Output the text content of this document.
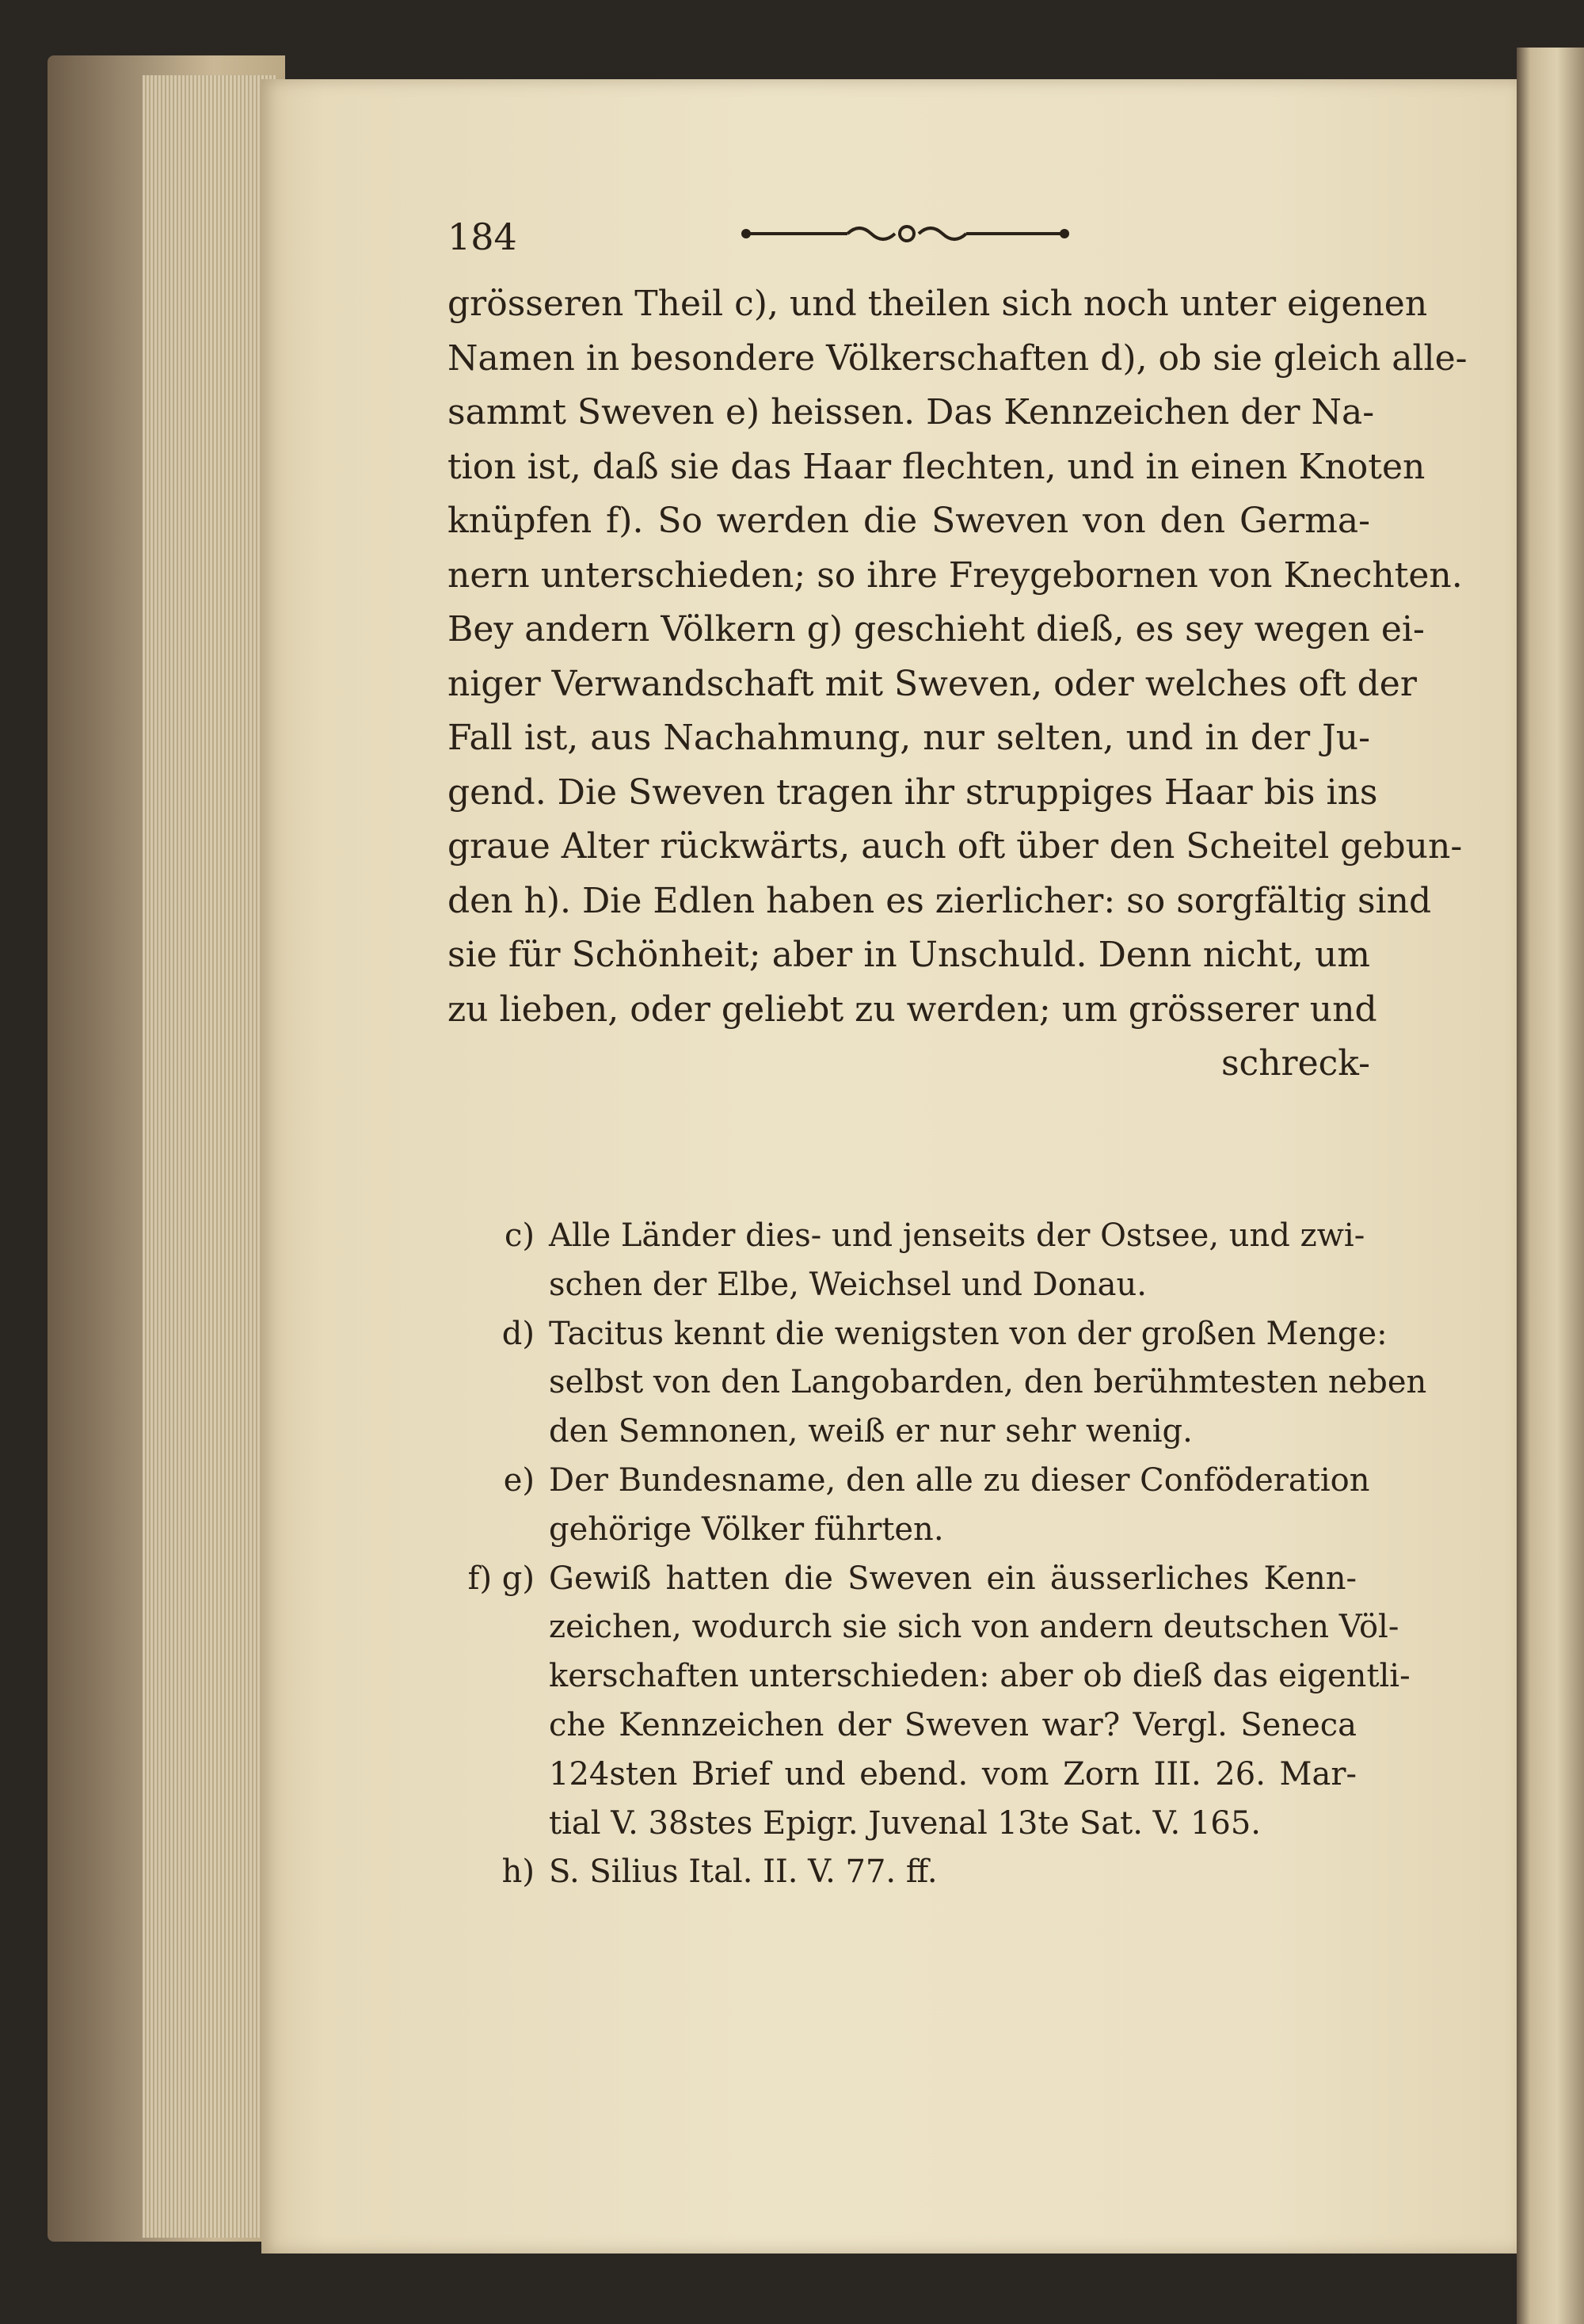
184
grösseren Theil c), und theilen sich noch unter eigenen
Namen in besondere Völkerschaften d), ob sie gleich alle-
sammt Sweven e) heissen. Das Kennzeichen der Na-
tion ist, daß sie das Haar flechten, und in einen Knoten
knüpfen f). So werden die Sweven von den Germa-
nern unterschieden; so ihre Freygebornen von Knechten.
Bey andern Völkern g) geschieht dieß, es sey wegen ei-
niger Verwandschaft mit Sweven, oder welches oft der
Fall ist, aus Nachahmung, nur selten, und in der Ju-
gend. Die Sweven tragen ihr struppiges Haar bis ins
graue Alter rückwärts, auch oft über den Scheitel gebun-
den h). Die Edlen haben es zierlicher: so sorgfältig sind
sie für Schönheit; aber in Unschuld. Denn nicht, um
zu lieben, oder geliebt zu werden; um grösserer und
schreck-
c) Alle Länder dies- und jenseits der Ostsee, und zwi-
schen der Elbe, Weichsel und Donau.
d) Tacitus kennt die wenigsten von der großen Menge:
selbst von den Langobarden, den berühmtesten neben
den Semnonen, weiß er nur sehr wenig.
e) Der Bundesname, den alle zu dieser Conföderation
gehörige Völker führten.
f) g) Gewiß hatten die Sweven ein äusserliches Kenn-
zeichen, wodurch sie sich von andern deutschen Völ-
kerschaften unterschieden: aber ob dieß das eigentli-
che Kennzeichen der Sweven war? Vergl. Seneca
124sten Brief und ebend. vom Zorn III. 26. Mar-
tial V. 38stes Epigr. Juvenal 13te Sat. V. 165.
h) S. Silius Ital. II. V. 77. ff.
